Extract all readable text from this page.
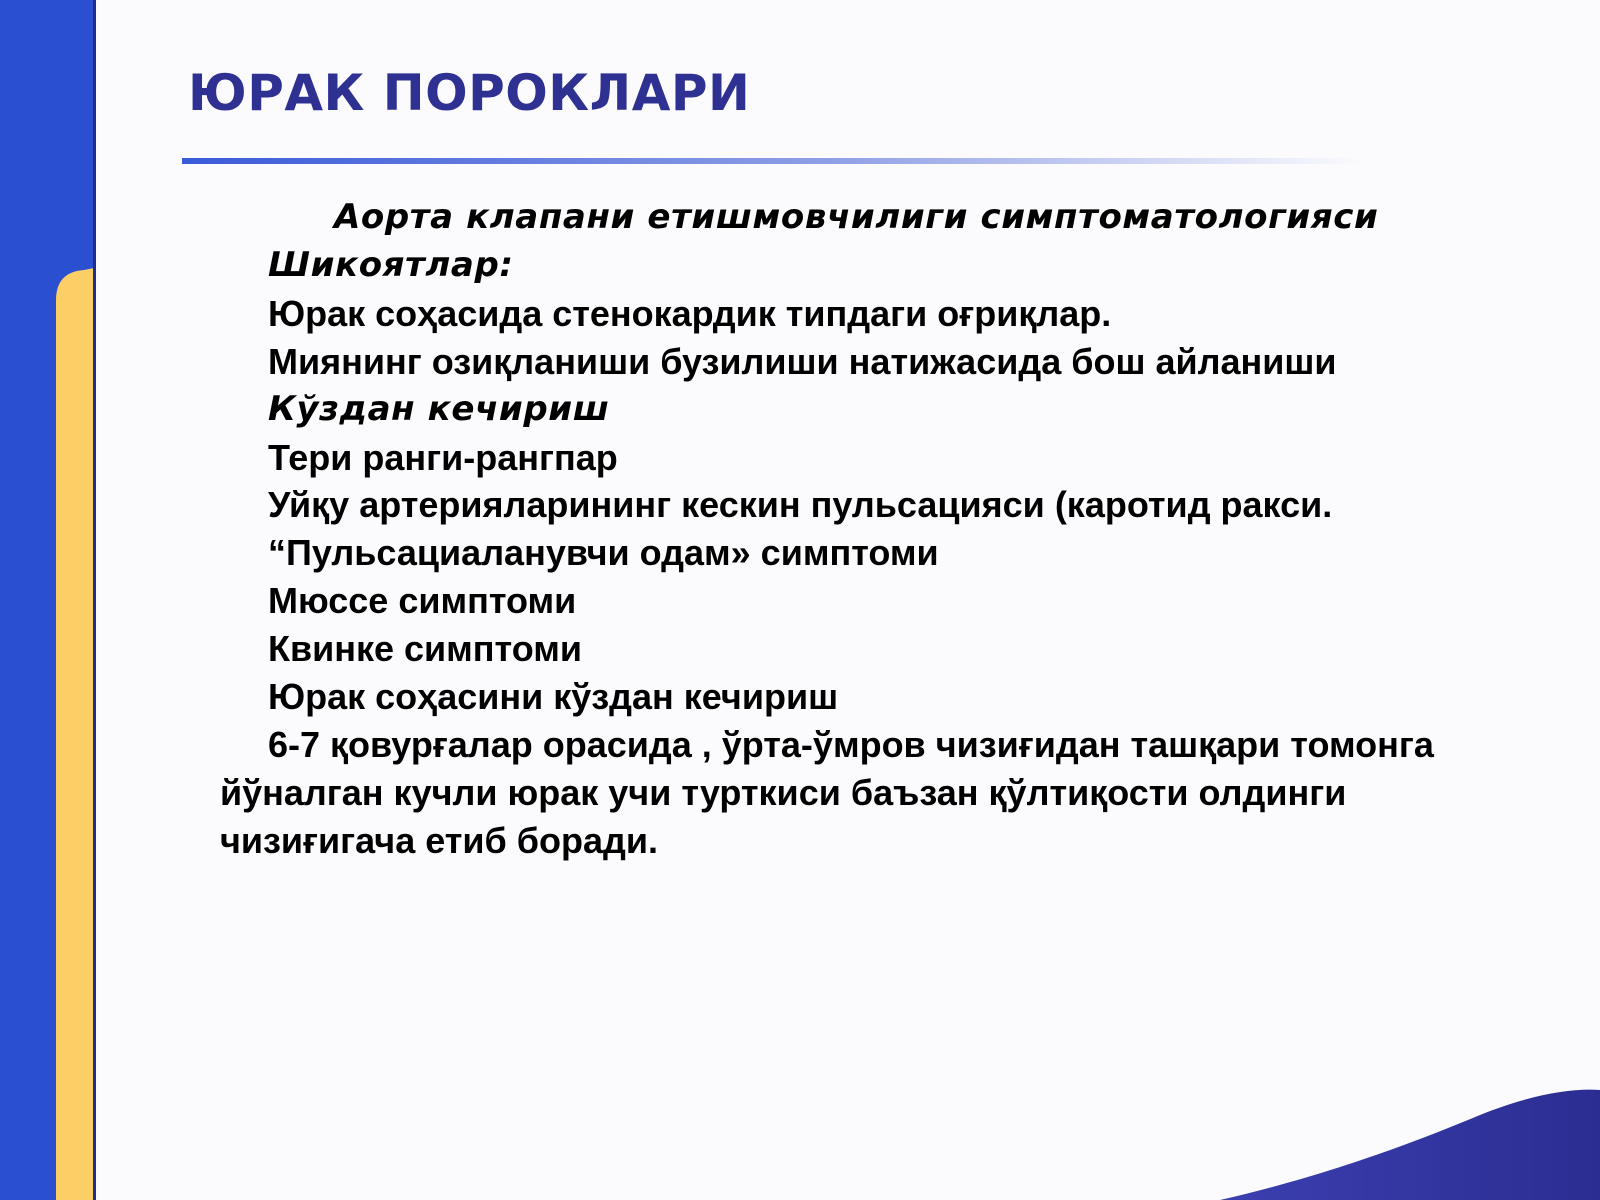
ЮРАК ПОРОКЛАРИ
Аорта клапани етишмовчилиги симптоматологияси
Шикоятлар:
Юрак соҳасида стенокардик типдаги оғриқлар.
Миянинг озиқланиши бузилиши натижасида бош айланиши
Кўздан кечириш
Тери ранги-рангпар
Уйқу артерияларининг кескин пульсацияси (каротид ракси.
“Пульсациаланувчи одам» симптоми
Мюссе симптоми
Квинке симптоми
Юрак соҳасини кўздан кечириш
6-7 қовурғалар орасида , ўрта-ўмров чизиғидан ташқари томонга йўналган кучли юрак учи турткиси баъзан қўлтиқости олдинги чизиғигача етиб боради.
